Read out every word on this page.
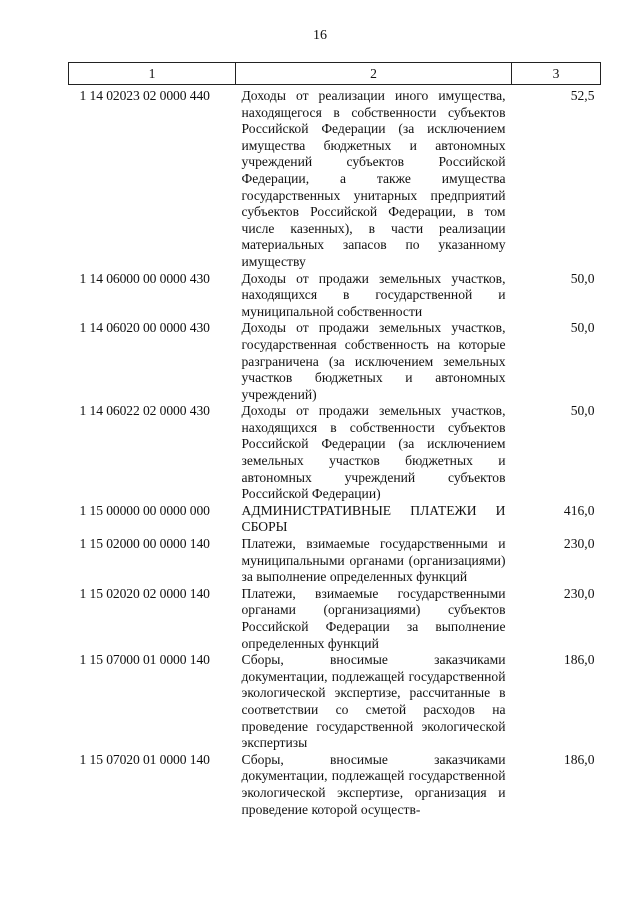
16
1	2	3
1 14 02023 02 0000 440	Доходы от реализации иного имущества, находящегося в собственности субъектов Российской Федерации (за исключением имущества бюджетных и автономных учреждений субъектов Российской Федерации, а также имущества государственных унитарных предприятий субъектов Российской Федерации, в том числе казенных), в части реализации материальных запасов по указанному имуществу	52,5
1 14 06000 00 0000 430	Доходы от продажи земельных участков, находящихся в государственной и муниципальной собственности	50,0
1 14 06020 00 0000 430	Доходы от продажи земельных участков, государственная собственность на которые разграничена (за исключением земельных участков бюджетных и автономных учреждений)	50,0
1 14 06022 02 0000 430	Доходы от продажи земельных участков, находящихся в собственности субъектов Российской Федерации (за исключением земельных участков бюджетных и автономных учреждений субъектов Российской Федерации)	50,0
1 15 00000 00 0000 000	АДМИНИСТРАТИВНЫЕ ПЛАТЕЖИ И СБОРЫ	416,0
1 15 02000 00 0000 140	Платежи, взимаемые государственными и муниципальными органами (организациями) за выполнение определенных функций	230,0
1 15 02020 02 0000 140	Платежи, взимаемые государственными органами (организациями) субъектов Российской Федерации за выполнение определенных функций	230,0
1 15 07000 01 0000 140	Сборы, вносимые заказчиками документации, подлежащей государственной экологической экспертизе, рассчитанные в соответствии со сметой расходов на проведение государственной экологической экспертизы	186,0
1 15 07020 01 0000 140	Сборы, вносимые заказчиками документации, подлежащей государственной экологической экспертизе, организация и проведение которой осуществ-	186,0
